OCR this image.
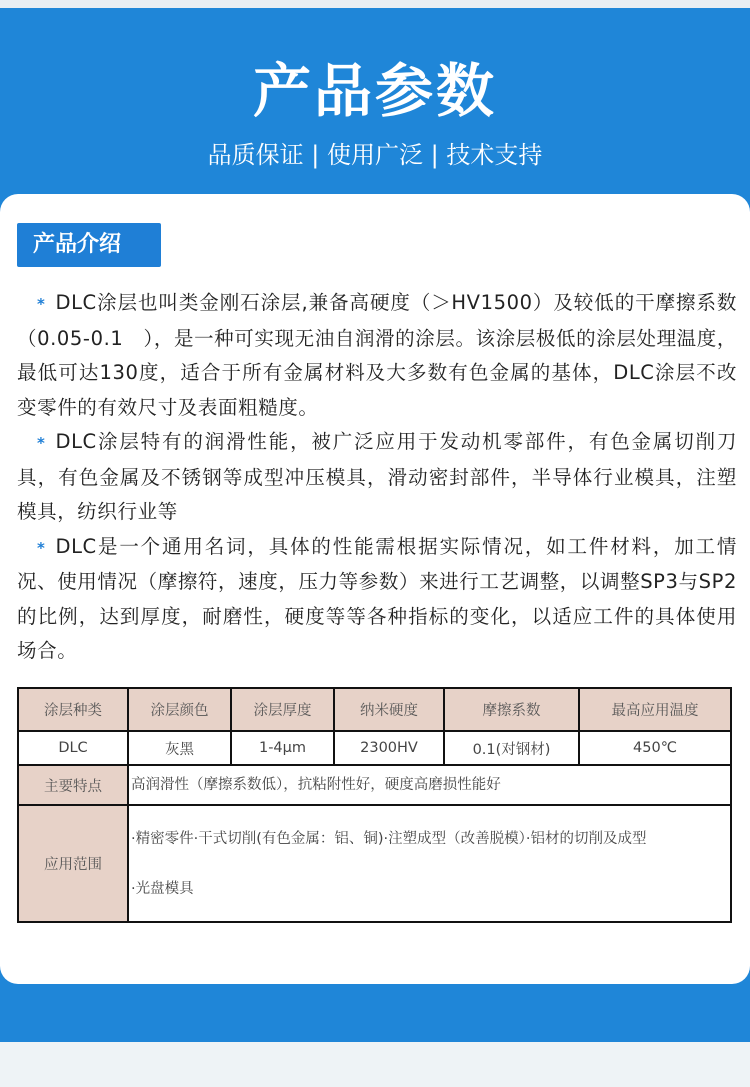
产品参数
品质保证 | 使用广泛 | 技术支持
产品介绍

* DLC涂层也叫类金刚石涂层,兼备高硬度（＞HV1500）及较低的干摩擦系数（0.05-0.1　），是一种可实现无油自润滑的涂层。该涂层极低的涂层处理温度，最低可达130度，适合于所有金属材料及大多数有色金属的基体，DLC涂层不改变零件的有效尺寸及表面粗糙度。

* DLC涂层特有的润滑性能，被广泛应用于发动机零部件，有色金属切削刀具，有色金属及不锈钢等成型冲压模具，滑动密封部件，半导体行业模具，注塑模具，纺织行业等

* DLC是一个通用名词，具体的性能需根据实际情况，如工件材料，加工情况、使用情况（摩擦符，速度，压力等参数）来进行工艺调整，以调整SP3与SP2的比例，达到厚度，耐磨性，硬度等等各种指标的变化，以适应工件的具体使用场合。

涂层种类	涂层颜色	涂层厚度	纳米硬度	摩擦系数	最高应用温度
DLC	灰黑	1-4μm	2300HV	0.1(对钢材)	450℃
主要特点	高润滑性（摩擦系数低），抗粘附性好，硬度高磨损性能好				
应用范围	·精密零件·干式切削(有色金属：铝、铜)·注塑成型（改善脱模）·铝材的切削及成型
·光盘模具				
